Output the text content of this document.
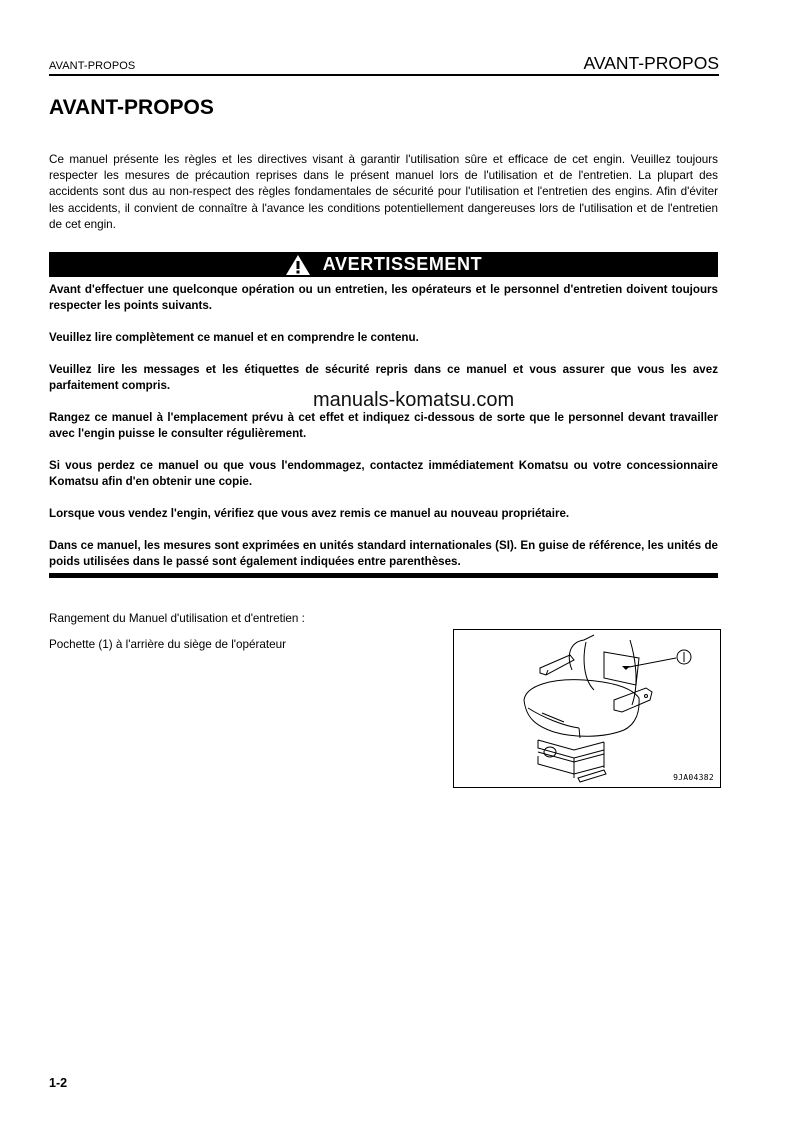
AVANT-PROPOS	AVANT-PROPOS
AVANT-PROPOS
Ce manuel présente les règles et les directives visant à garantir l'utilisation sûre et efficace de cet engin. Veuillez toujours respecter les mesures de précaution reprises dans le présent manuel lors de l'utilisation et de l'entretien. La plupart des accidents sont dus au non-respect des règles fondamentales de sécurité pour l'utilisation et l'entretien des engins. Afin d'éviter les accidents, il convient de connaître à l'avance les conditions potentiellement dangereuses lors de l'utilisation et de l'entretien de cet engin.
AVERTISSEMENT

Avant d'effectuer une quelconque opération ou un entretien, les opérateurs et le personnel d'entretien doivent toujours respecter les points suivants.

Veuillez lire complètement ce manuel et en comprendre le contenu.

Veuillez lire les messages et les étiquettes de sécurité repris dans ce manuel et vous assurer que vous les avez parfaitement compris.

Rangez ce manuel à l'emplacement prévu à cet effet et indiquez ci-dessous de sorte que le personnel devant travailler avec l'engin puisse le consulter régulièrement.

Si vous perdez ce manuel ou que vous l'endommagez, contactez immédiatement Komatsu ou votre concessionnaire Komatsu afin d'en obtenir une copie.

Lorsque vous vendez l'engin, vérifiez que vous avez remis ce manuel au nouveau propriétaire.

Dans ce manuel, les mesures sont exprimées en unités standard internationales (SI). En guise de référence, les unités de poids utilisées dans le passé sont également indiquées entre parenthèses.

manuals-komatsu.com
Rangement du Manuel d'utilisation et d'entretien :
Pochette (1) à l'arrière du siège de l'opérateur
9JA04382
1-2
